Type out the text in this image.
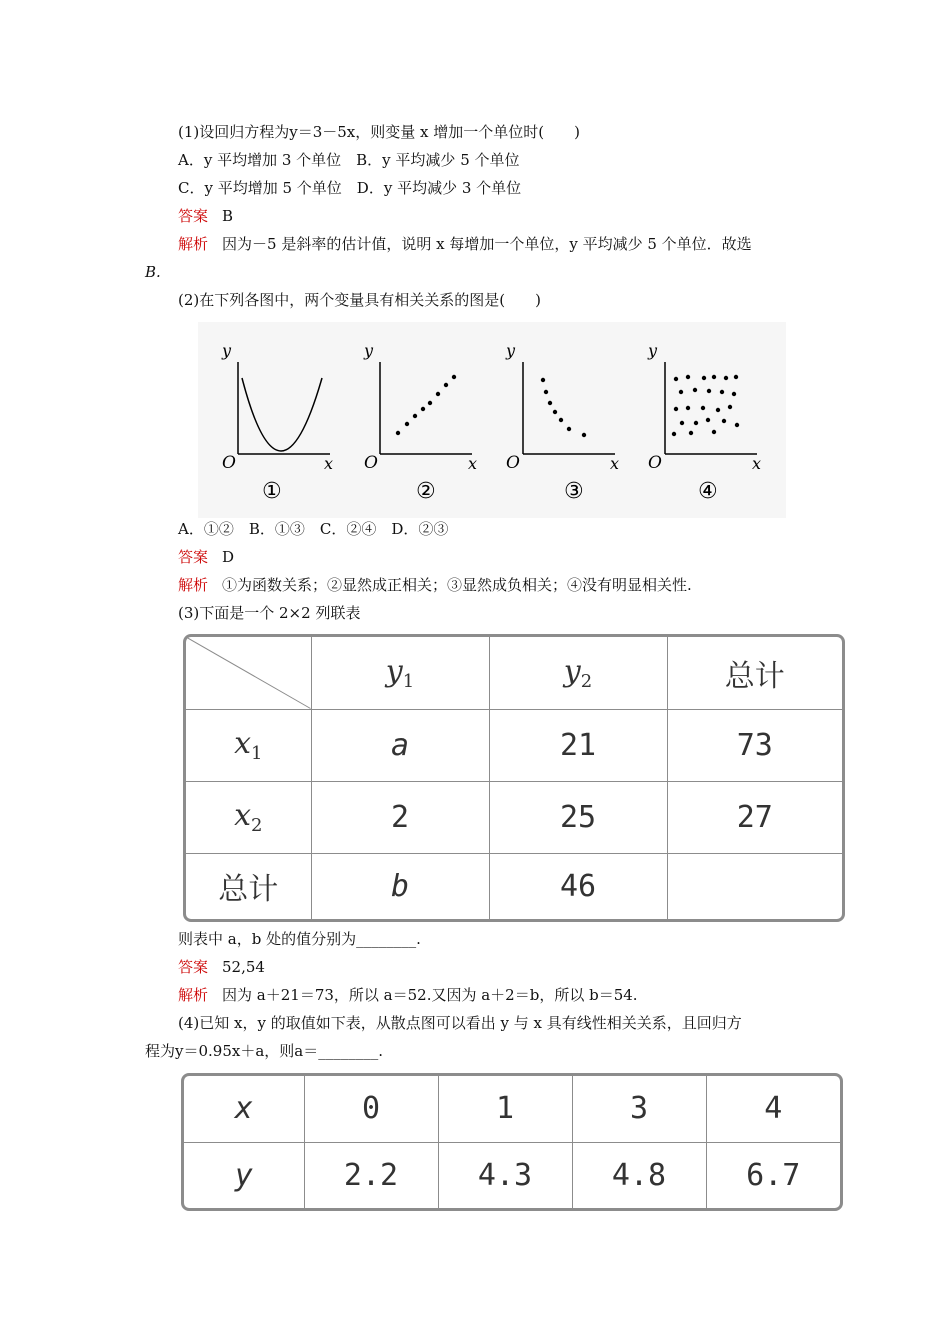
(1)设回归方程为y＝3－5x，则变量 x 增加一个单位时(　　)
A．y 平均增加 3 个单位　B．y 平均减少 5 个单位
C．y 平均增加 5 个单位　D．y 平均减少 3 个单位
答案 B
解析 因为－5 是斜率的估计值，说明 x 每增加一个单位，y 平均减少 5 个单位．故选
B.
(2)在下列各图中，两个变量具有相关关系的图是(　　)
y
x
O
①
y
x
O
②
y
x
O
③
y
x
O
④
A．①②　B．①③　C．②④　D．②③
答案 D
解析 ①为函数关系；②显然成正相关；③显然成负相关；④没有明显相关性.
(3)下面是一个 2×2 列联表
	$y_1$	$y_2$	总计
$x_1$	a	21	73
$x_2$	2	25	27
总计	b	46	
则表中 a，b 处的值分别为________.
答案 52,54
解析 因为 a＋21＝73，所以 a＝52.又因为 a＋2＝b，所以 b＝54.
(4)已知 x，y 的取值如下表，从散点图可以看出 y 与 x 具有线性相关关系，且回归方
程为y＝0.95x＋a，则a＝________.
x	0	1	3	4
y	2.2	4.3	4.8	6.7
